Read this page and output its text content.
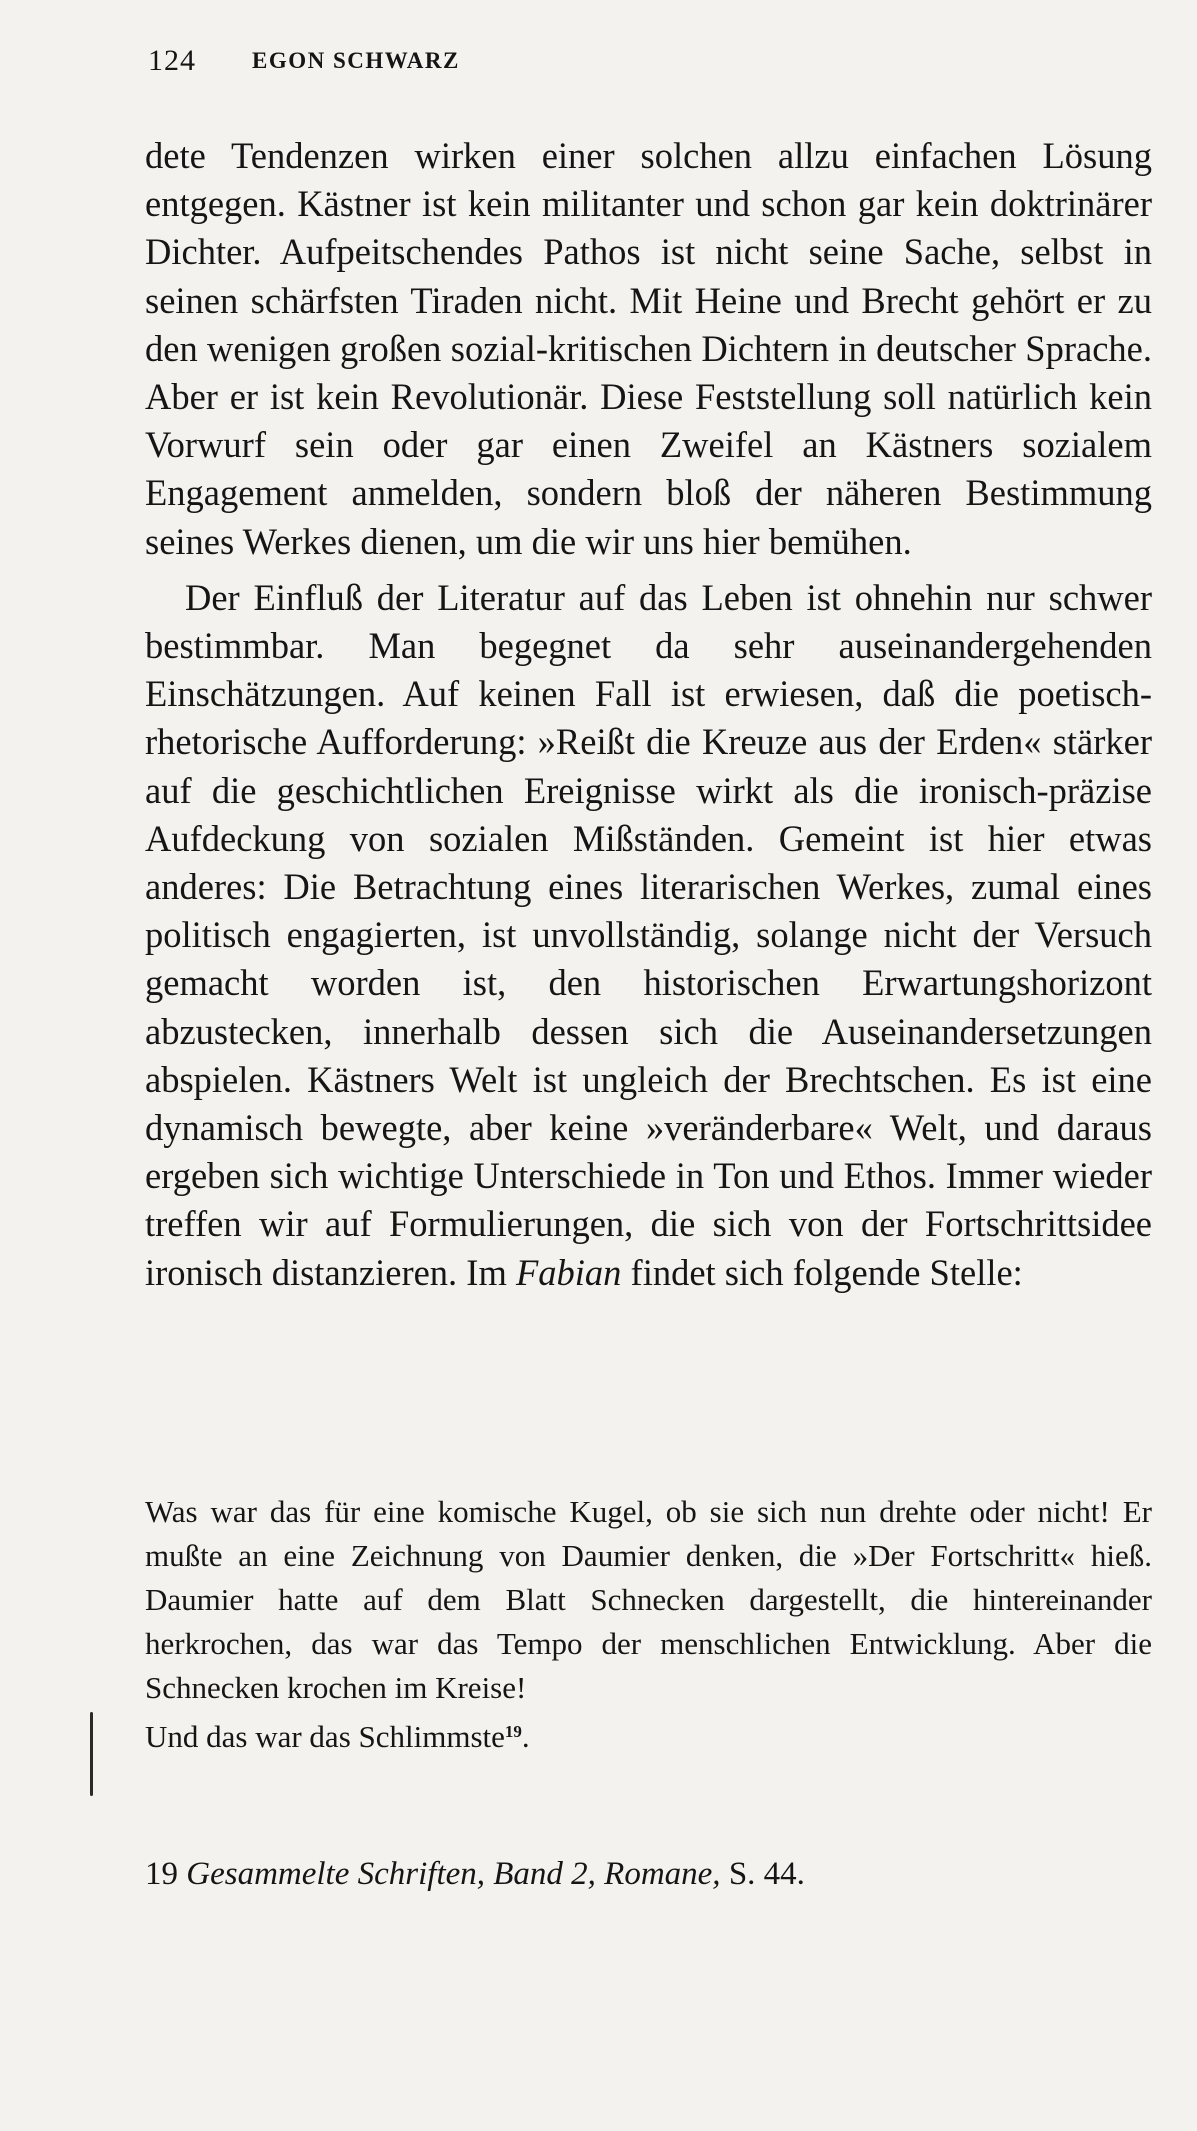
124 EGON SCHWARZ

dete Tendenzen wirken einer solchen allzu einfachen Lösung entgegen. Kästner ist kein militanter und schon gar kein doktrinärer Dichter. Aufpeitschendes Pathos ist nicht seine Sache, selbst in seinen schärfsten Tiraden nicht. Mit Heine und Brecht gehört er zu den wenigen großen sozial-kritischen Dichtern in deutscher Sprache. Aber er ist kein Revolutionär. Diese Feststellung soll natürlich kein Vorwurf sein oder gar einen Zweifel an Kästners sozialem Engagement anmelden, sondern bloß der näheren Bestimmung seines Werkes dienen, um die wir uns hier bemühen.

Der Einfluß der Literatur auf das Leben ist ohnehin nur schwer bestimmbar. Man begegnet da sehr auseinandergehenden Einschätzungen. Auf keinen Fall ist erwiesen, daß die poetisch-rhetorische Aufforderung: »Reißt die Kreuze aus der Erden« stärker auf die geschichtlichen Ereignisse wirkt als die ironisch-präzise Aufdeckung von sozialen Mißständen. Gemeint ist hier etwas anderes: Die Betrachtung eines literarischen Werkes, zumal eines politisch engagierten, ist unvollständig, solange nicht der Versuch gemacht worden ist, den historischen Erwartungshorizont abzustecken, innerhalb dessen sich die Auseinandersetzungen abspielen. Kästners Welt ist ungleich der Brechtschen. Es ist eine dynamisch bewegte, aber keine »veränderbare« Welt, und daraus ergeben sich wichtige Unterschiede in Ton und Ethos. Immer wieder treffen wir auf Formulierungen, die sich von der Fortschrittsidee ironisch distanzieren. Im Fabian findet sich folgende Stelle:

Was war das für eine komische Kugel, ob sie sich nun drehte oder nicht! Er mußte an eine Zeichnung von Daumier denken, die »Der Fortschritt« hieß. Daumier hatte auf dem Blatt Schnecken dargestellt, die hintereinander herkrochen, das war das Tempo der menschlichen Entwicklung. Aber die Schnecken krochen im Kreise!

Und das war das Schlimmste$^{19}$.

19 Gesammelte Schriften, Band 2, Romane, S. 44.
